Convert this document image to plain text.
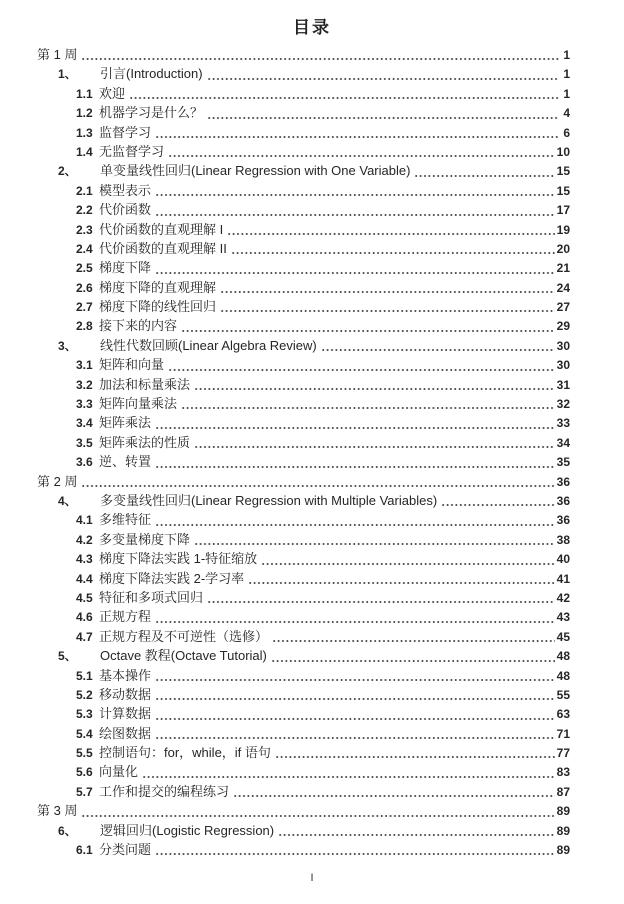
目录
第 1 周	1
1、	引言(Introduction)	1
1.1 欢迎	1
1.2 机器学习是什么？	4
1.3 监督学习	6
1.4 无监督学习	10
2、	单变量线性回归(Linear Regression with One Variable)	15
2.1 模型表示	15
2.2 代价函数	17
2.3 代价函数的直观理解 I	19
2.4 代价函数的直观理解 II	20
2.5 梯度下降	21
2.6 梯度下降的直观理解	24
2.7 梯度下降的线性回归	27
2.8 接下来的内容	29
3、	线性代数回顾(Linear Algebra Review)	30
3.1 矩阵和向量	30
3.2 加法和标量乘法	31
3.3 矩阵向量乘法	32
3.4 矩阵乘法	33
3.5 矩阵乘法的性质	34
3.6 逆、转置	35
第 2 周	36
4、	多变量线性回归(Linear Regression with Multiple Variables)	36
4.1 多维特征	36
4.2 多变量梯度下降	38
4.3 梯度下降法实践 1-特征缩放	40
4.4 梯度下降法实践 2-学习率	41
4.5 特征和多项式回归	42
4.6 正规方程	43
4.7 正规方程及不可逆性（选修）	45
5、	Octave 教程(Octave Tutorial)	48
5.1 基本操作	48
5.2 移动数据	55
5.3 计算数据	63
5.4 绘图数据	71
5.5 控制语句：for，while，if 语句	77
5.6 向量化	83
5.7 工作和提交的编程练习	87
第 3 周	89
6、	逻辑回归(Logistic Regression)	89
6.1 分类问题	89
I
